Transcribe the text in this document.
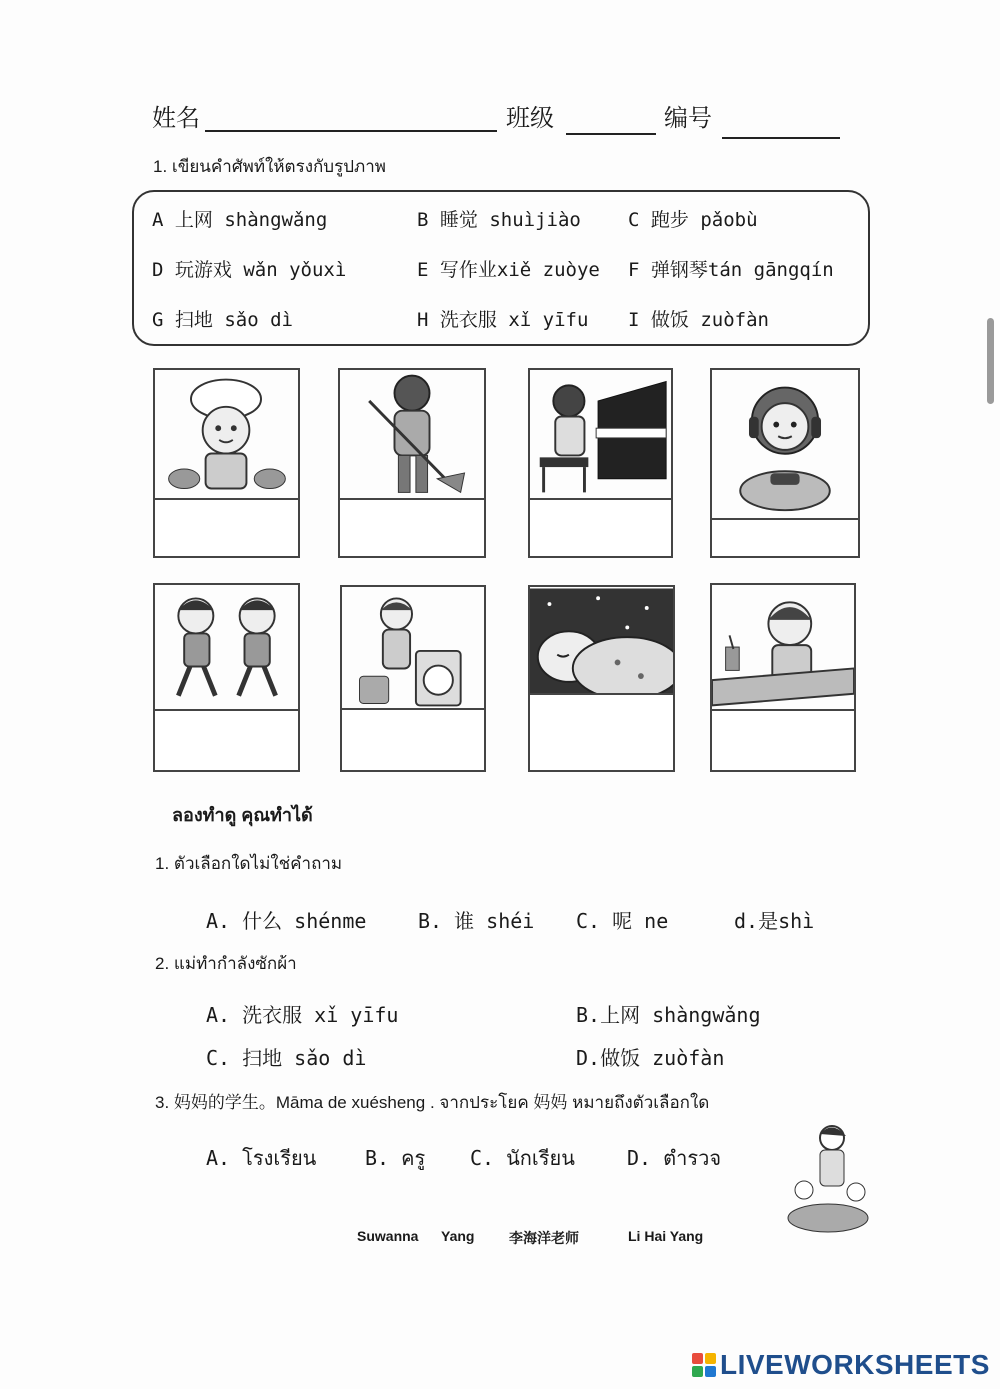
姓名	班级	编号
1. เขียนคำศัพท์ให้ตรงกับรูปภาพ
A 上网 shàngwǎng	B 睡觉 shuìjiào C 跑步 pǎobù
D 玩游戏 wǎn yǒuxì	E 写作业xiě zuòye F 弹钢琴tán gāngqín
G 扫地 sǎo dì	H 洗衣服 xǐ yīfu I 做饭 zuòfàn
ลองทำดู คุณทำได้
1. ตัวเลือกใดไม่ใช่คำถาม
A. 什么 shénme	B. 谁 shéi C. 呢 ne	d.是shì
2. แม่ทำกำลังซักผ้า
A. 洗衣服 xǐ yīfu	B.上网 shàngwǎng
C. 扫地 sǎo dì	D.做饭 zuòfàn
3. 妈妈的学生。Māma de xuésheng . จากประโยค 妈妈 หมายถึงตัวเลือกใด
A. โรงเรียน B. ครู C. นักเรียน	D. ตำรวจ
Suwanna Yang 李海洋老师	Li Hai Yang
LIVEWORKSHEETS
